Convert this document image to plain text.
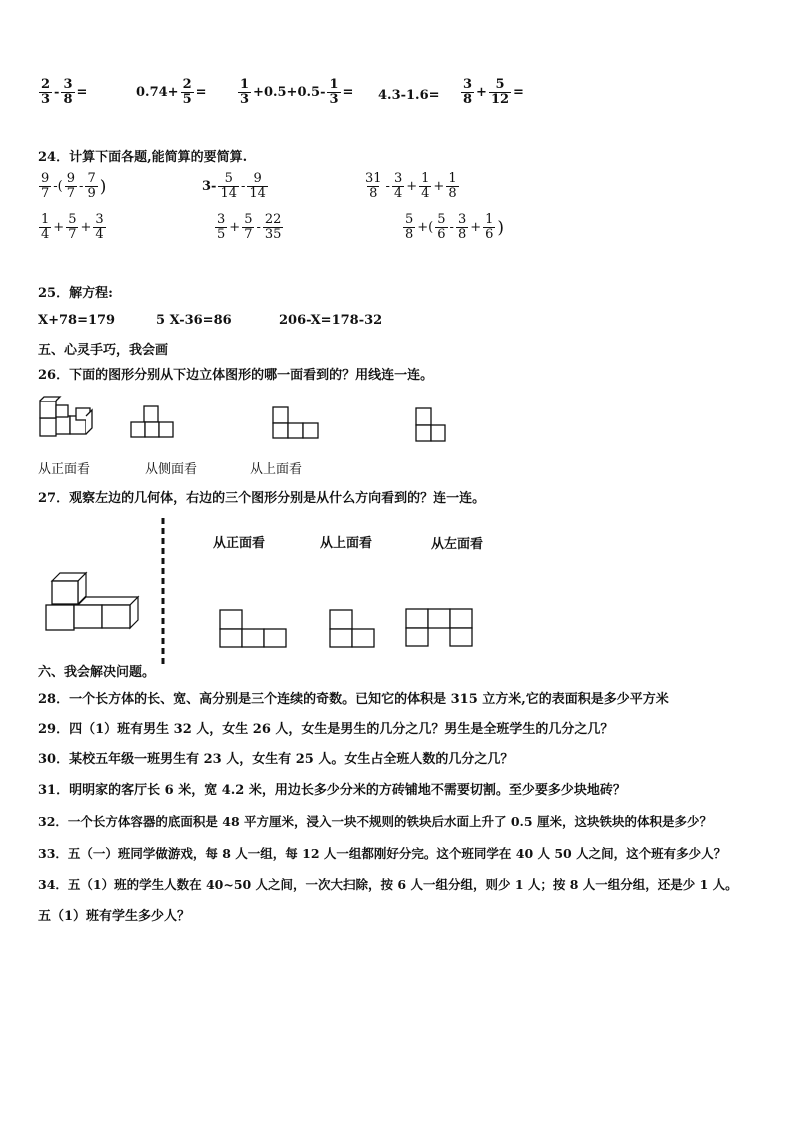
$\frac{2}{3} - \frac{3}{8}$ =	$0.74+ \frac{2}{5} = \frac{1}{3} +0.5+0.5- \frac{1}{3} = 4.3-1.6= \frac{3}{8} + \frac{5}{12}$ =
24．计算下面各题,能简算的要简算.
$\frac{9}{7}$ -( $\frac{9}{7} - \frac{7}{9}$ )	$3- \frac{5}{14} - \frac{9}{14}$	$\frac{31}{8} - \frac{3}{4} + \frac{1}{4} + \frac{1}{8}$
$\frac{1}{4} + \frac{5}{7} + \frac{3}{4}$	$\frac{3}{5} + \frac{5}{7} - \frac{22}{35}$	$\frac{5}{8}$ +( $\frac{5}{6} - \frac{3}{8} + \frac{1}{6}$ )
25．解方程:
X+78=179	5 X-36=86	206-X=178-32
五、心灵手巧，我会画
26．下面的图形分别从下边立体图形的哪一面看到的？用线连一连。
从正面看	从侧面看	从上面看
27．观察左边的几何体，右边的三个图形分别是从什么方向看到的？连一连。
从正面看	从上面看	从左面看
六、我会解决问题。
28．一个长方体的长、宽、高分别是三个连续的奇数。已知它的体积是 315 立方米,它的表面积是多少平方米
29．四（1）班有男生 32 人，女生 26 人，女生是男生的几分之几？男生是全班学生的几分之几？
30．某校五年级一班男生有 23 人，女生有 25 人。女生占全班人数的几分之几？
31．明明家的客厅长 6 米，宽 4.2 米，用边长多少分米的方砖铺地不需要切割。至少要多少块地砖？
32．一个长方体容器的底面积是 48 平方厘米，浸入一块不规则的铁块后水面上升了 0.5 厘米，这块铁块的体积是多少？
33．五（一）班同学做游戏，每 8 人一组，每 12 人一组都刚好分完。这个班同学在 40 人 50 人之间，这个班有多少人？
34．五（1）班的学生人数在 40~50 人之间，一次大扫除，按 6 人一组分组，则少 1 人；按 8 人一组分组，还是少 1 人。
五（1）班有学生多少人？
